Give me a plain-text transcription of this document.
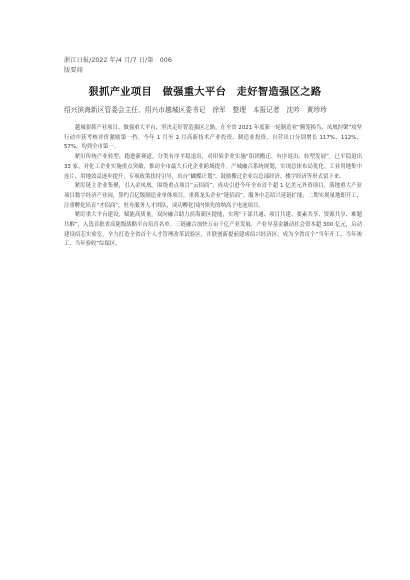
浙江日报/2022 年/4 月/7 日/第　006
版要闻
狠抓产业项目　做强重大平台　走好智造强区之路
绍兴滨海新区管委会主任、绍兴市越城区委书记　徐军　整理　本报记者　沈吟　黄珍珍

越城狠抓产业项目、做强重大平台，坚决走好智造强区之路，在全省 2021 年度新一轮制造业“腾笼换鸟、凤凰涅槃”攻坚行动中获考核评价激励第一档。今年 1 月至 2 月高新技术产业投资、制造业投资、自营出口分别增长 117%、112%、57%，均列全市第一。

紧盯传统产业转型，跑进新赛道。分类有序平稳退出，对印染企业实施“组团搬迁、有序退出、转型发展”，已平稳退出 33 家。对化工企业实施重点突破，推动全市最大石化企业跨域提升。产城融合系统规划，实现总体布局优化。工业用地集中连片，用地效益逐步提升，专项政策扶持引导，出台“蝴蝶计划”，鼓励搬迁企业以总部经济、楼宇经济等形式留下来。

紧盯链主企业集聚，引入金凤凰。围绕重点项目“云招商”，成功引进今年全市首个超 1 亿美元外资项目，落地重大产业项目数字经济产业园，签约百亿级制造业单体项目。重抓龙头企业“链招商”，服务中芯绍兴延链扩能，二期实现量地即开工，注重孵化培育“才招商”，驻舟服务人才团队，成功孵化国内领先的纳高子电池项目。

紧盯重大平台建设，赋能高质量。双向融合助力滨海新区提能，实现“干部共通、项目共建、要素共享、资源共享、难题共解”，入选首批省高能级战略平台培育名单。三链融合加快万亩千亿产业发展，产业导基金撬动社会资本超 300 亿元，启动建设绍芯实验室，全力打造全省首个人才管理改革试验区，并联创新提前建成绍兴经济区，成为全省首个“当年开工、当年竣工、当年验收”综保区。
